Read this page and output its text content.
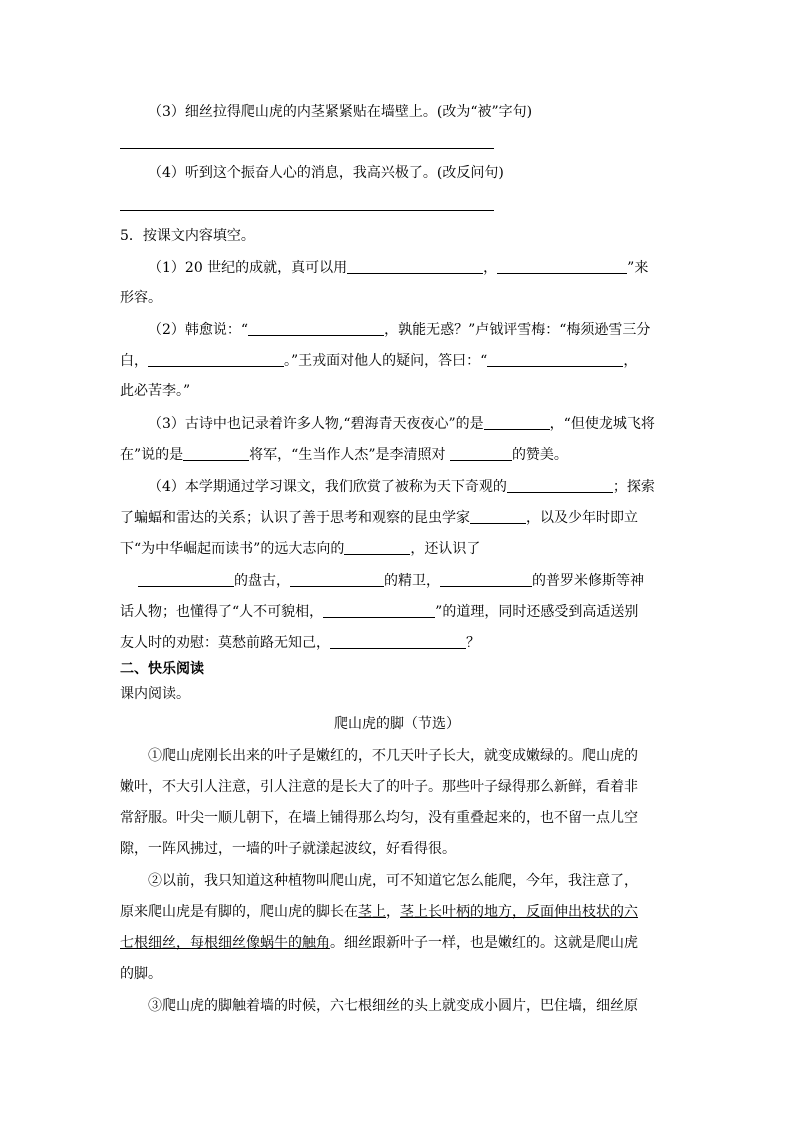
（3）细丝拉得爬山虎的内茎紧紧贴在墙壁上。(改为“被”字句)
（4）听到这个振奋人心的消息，我高兴极了。(改反问句)
5．按课文内容填空。
（1）20 世纪的成就，真可以用	，	”来
形容。
（2）韩愈说：“	，孰能无惑？”卢钺评雪梅：“梅须逊雪三分
白，	。”王戎面对他人的疑问，答曰：“	，
此必苦李。”
（3）古诗中也记录着许多人物,“碧海青天夜夜心”的是	，“但使龙城飞将
在”说的是	将军，“生当作人杰”是李清照对	的赞美。
（4）本学期通过学习课文，我们欣赏了被称为天下奇观的	；探索
了蝙蝠和雷达的关系；认识了善于思考和观察的昆虫学家	，以及少年时即立
下“为中华崛起而读书”的远大志向的	，还认识了
的盘古，	的精卫，	的普罗米修斯等神
话人物；也懂得了“人不可貌相，	”的道理，同时还感受到高适送别
友人时的劝慰：莫愁前路无知己，	？
二、快乐阅读
课内阅读。
爬山虎的脚（节选）
①爬山虎刚长出来的叶子是嫩红的，不几天叶子长大，就变成嫩绿的。爬山虎的
嫩叶，不大引人注意，引人注意的是长大了的叶子。那些叶子绿得那么新鲜，看着非
常舒服。叶尖一顺儿朝下，在墙上铺得那么均匀，没有重叠起来的，也不留一点儿空
隙，一阵风拂过，一墙的叶子就漾起波纹，好看得很。
②以前，我只知道这种植物叫爬山虎，可不知道它怎么能爬，今年，我注意了，
原来爬山虎是有脚的，爬山虎的脚长在茎上，茎上长叶柄的地方，反面伸出枝状的六
七根细丝，每根细丝像蜗牛的触角。细丝跟新叶子一样，也是嫩红的。这就是爬山虎
的脚。
③爬山虎的脚触着墙的时候，六七根细丝的头上就变成小圆片，巴住墙，细丝原
